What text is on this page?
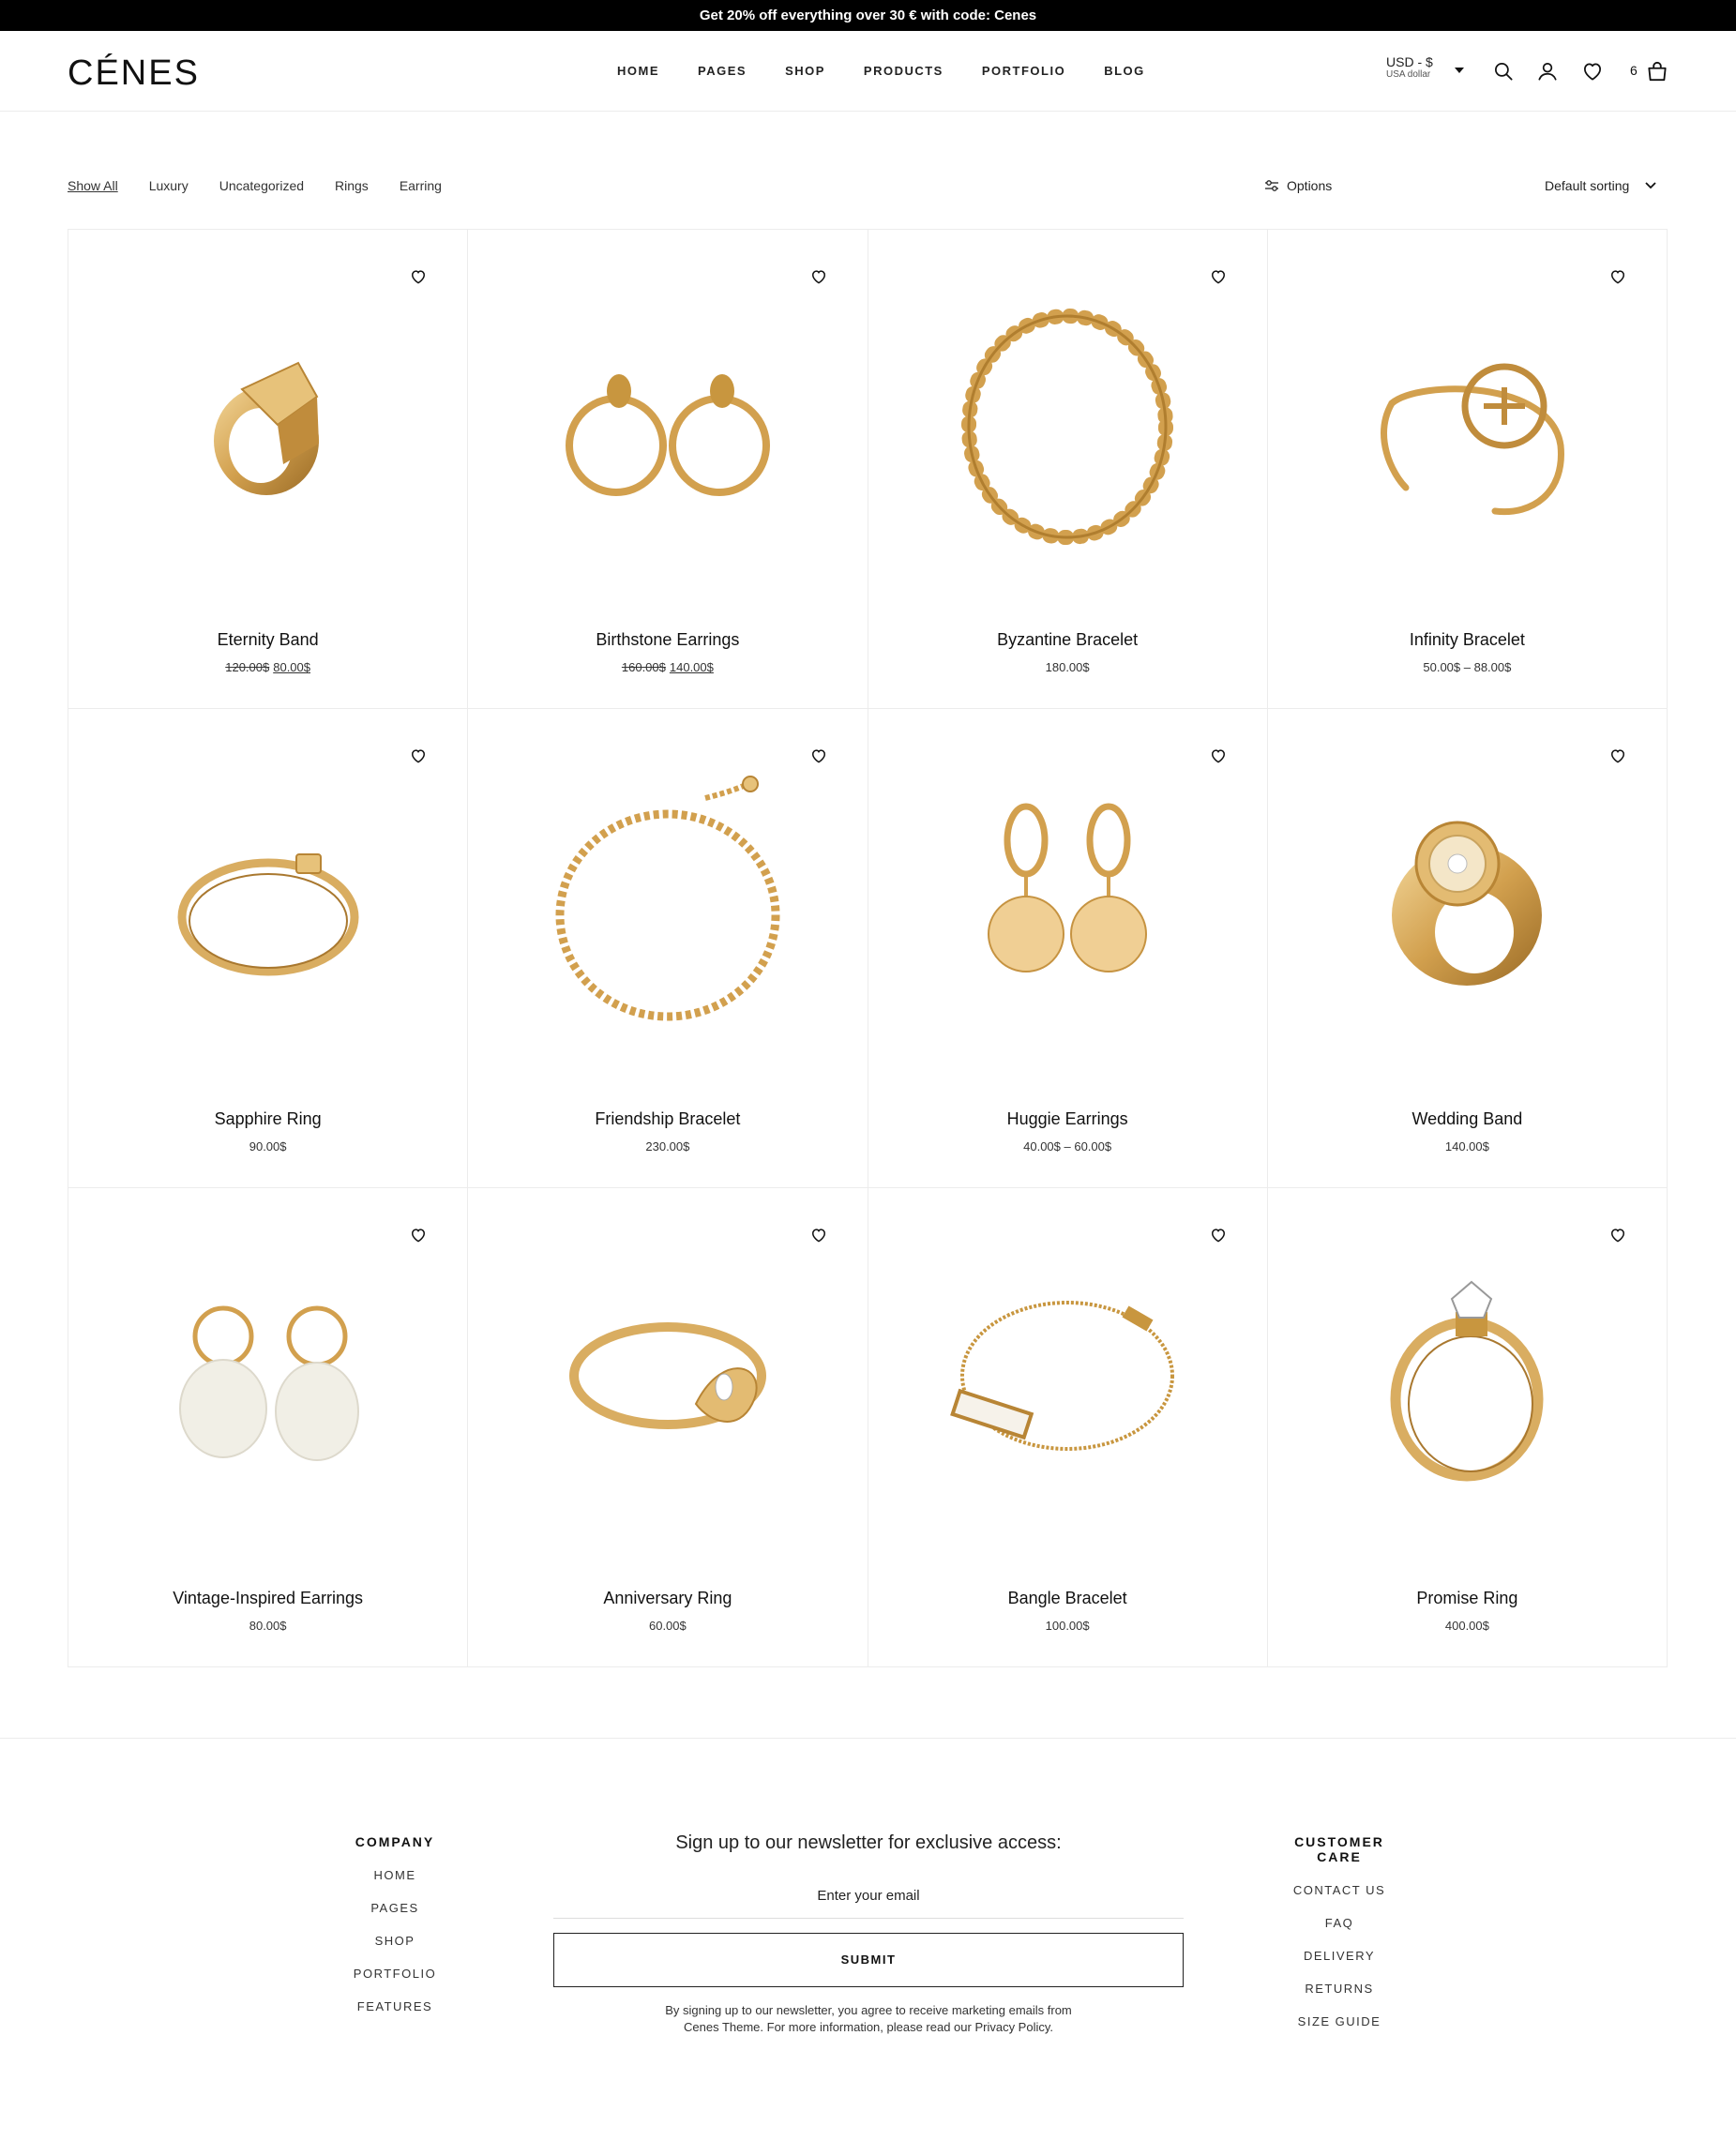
Get 20% off everything over 30 € with code: Cenes
CÉNES	HOME	PAGES	SHOP	PRODUCTS	PORTFOLIO	BLOG
USD - $
USA dollar	6
Show All Luxury Uncategorized Rings Earring	Options	Default sorting
Eternity Band
120.00$ 80.00$
Birthstone Earrings
160.00$ 140.00$
Byzantine Bracelet
180.00$
Infinity Bracelet
50.00$ – 88.00$
Sapphire Ring
90.00$
Friendship Bracelet
230.00$
Huggie Earrings
40.00$ – 60.00$
Wedding Band
140.00$
Vintage-Inspired Earrings
80.00$
Anniversary Ring
60.00$
Bangle Bracelet
100.00$
Promise Ring
400.00$
COMPANY
HOME
PAGES
SHOP
PORTFOLIO
FEATURES
Sign up to our newsletter for exclusive access:
Enter your email
SUBMIT
By signing up to our newsletter, you agree to receive marketing emails from Cenes Theme. For more information, please read our Privacy Policy.
CUSTOMER CARE
CONTACT US
FAQ
DELIVERY
RETURNS
SIZE GUIDE
